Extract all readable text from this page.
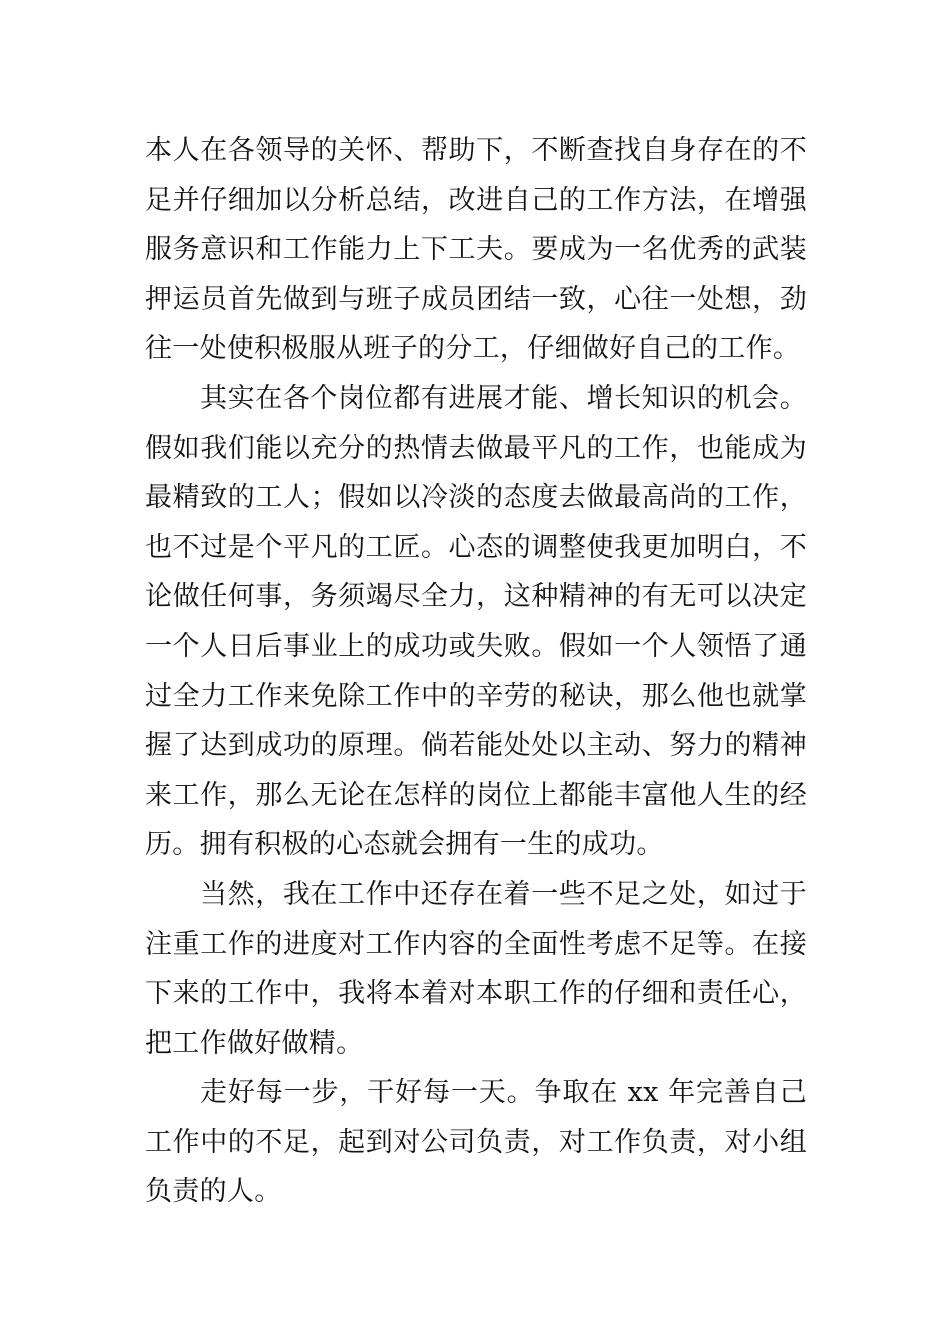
本人在各领导的关怀、帮助下，不断查找自身存在的不足并仔细加以分析总结，改进自己的工作方法，在增强服务意识和工作能力上下工夫。要成为一名优秀的武装押运员首先做到与班子成员团结一致，心往一处想，劲往一处使积极服从班子的分工，仔细做好自己的工作。

其实在各个岗位都有进展才能、增长知识的机会。假如我们能以充分的热情去做最平凡的工作，也能成为最精致的工人；假如以冷淡的态度去做最高尚的工作，也不过是个平凡的工匠。心态的调整使我更加明白，不论做任何事，务须竭尽全力，这种精神的有无可以决定一个人日后事业上的成功或失败。假如一个人领悟了通过全力工作来免除工作中的辛劳的秘诀，那么他也就掌握了达到成功的原理。倘若能处处以主动、努力的精神来工作，那么无论在怎样的岗位上都能丰富他人生的经历。拥有积极的心态就会拥有一生的成功。

当然，我在工作中还存在着一些不足之处，如过于注重工作的进度对工作内容的全面性考虑不足等。在接下来的工作中，我将本着对本职工作的仔细和责任心，把工作做好做精。

走好每一步，干好每一天。争取在 xx 年完善自己工作中的不足，起到对公司负责，对工作负责，对小组负责的人。
